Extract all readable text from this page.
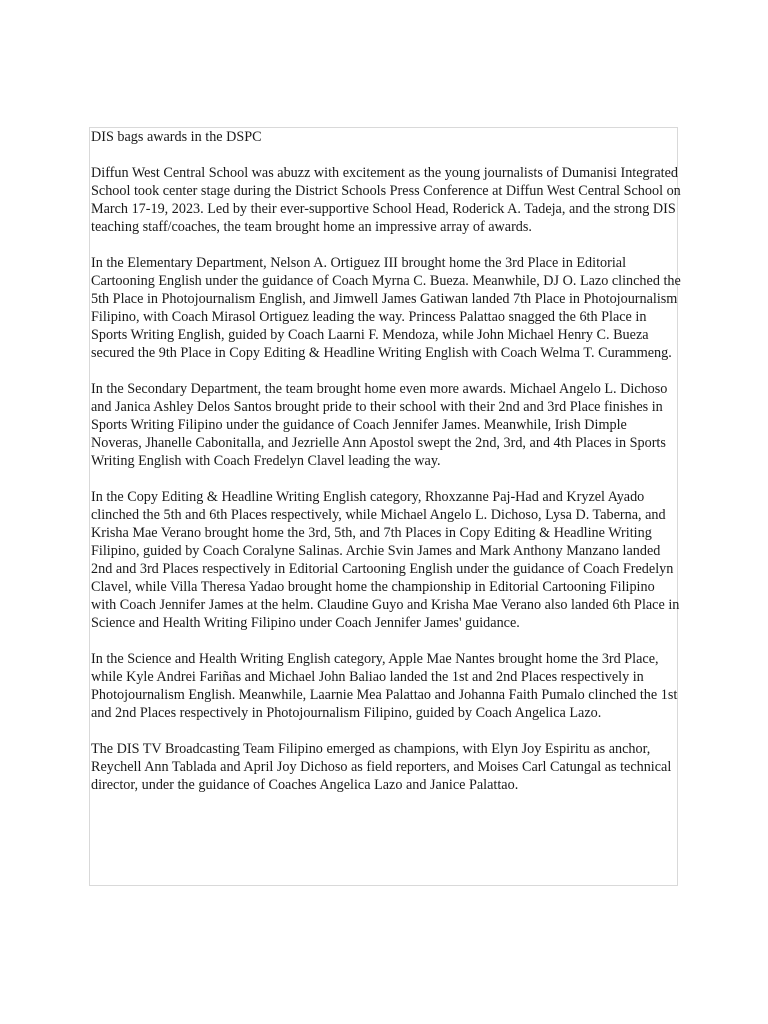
DIS bags awards in the DSPC

Diffun West Central School was abuzz with excitement as the young journalists of Dumanisi Integrated School took center stage during the District Schools Press Conference at Diffun West Central School on March 17-19, 2023. Led by their ever-supportive School Head, Roderick A. Tadeja, and the strong DIS teaching staff/coaches, the team brought home an impressive array of awards.

In the Elementary Department, Nelson A. Ortiguez III brought home the 3rd Place in Editorial Cartooning English under the guidance of Coach Myrna C. Bueza. Meanwhile, DJ O. Lazo clinched the 5th Place in Photojournalism English, and Jimwell James Gatiwan landed 7th Place in Photojournalism Filipino, with Coach Mirasol Ortiguez leading the way. Princess Palattao snagged the 6th Place in Sports Writing English, guided by Coach Laarni F. Mendoza, while John Michael Henry C. Bueza secured the 9th Place in Copy Editing & Headline Writing English with Coach Welma T. Curammeng.

In the Secondary Department, the team brought home even more awards. Michael Angelo L. Dichoso and Janica Ashley Delos Santos brought pride to their school with their 2nd and 3rd Place finishes in Sports Writing Filipino under the guidance of Coach Jennifer James. Meanwhile, Irish Dimple Noveras, Jhanelle Cabonitalla, and Jezrielle Ann Apostol swept the 2nd, 3rd, and 4th Places in Sports Writing English with Coach Fredelyn Clavel leading the way.

In the Copy Editing & Headline Writing English category, Rhoxzanne Paj-Had and Kryzel Ayado clinched the 5th and 6th Places respectively, while Michael Angelo L. Dichoso, Lysa D. Taberna, and Krisha Mae Verano brought home the 3rd, 5th, and 7th Places in Copy Editing & Headline Writing Filipino, guided by Coach Coralyne Salinas. Archie Svin James and Mark Anthony Manzano landed 2nd and 3rd Places respectively in Editorial Cartooning English under the guidance of Coach Fredelyn Clavel, while Villa Theresa Yadao brought home the championship in Editorial Cartooning Filipino with Coach Jennifer James at the helm. Claudine Guyo and Krisha Mae Verano also landed 6th Place in Science and Health Writing Filipino under Coach Jennifer James' guidance.

In the Science and Health Writing English category, Apple Mae Nantes brought home the 3rd Place, while Kyle Andrei Fariñas and Michael John Baliao landed the 1st and 2nd Places respectively in Photojournalism English. Meanwhile, Laarnie Mea Palattao and Johanna Faith Pumalo clinched the 1st and 2nd Places respectively in Photojournalism Filipino, guided by Coach Angelica Lazo.

The DIS TV Broadcasting Team Filipino emerged as champions, with Elyn Joy Espiritu as anchor, Reychell Ann Tablada and April Joy Dichoso as field reporters, and Moises Carl Catungal as technical director, under the guidance of Coaches Angelica Lazo and Janice Palattao.
